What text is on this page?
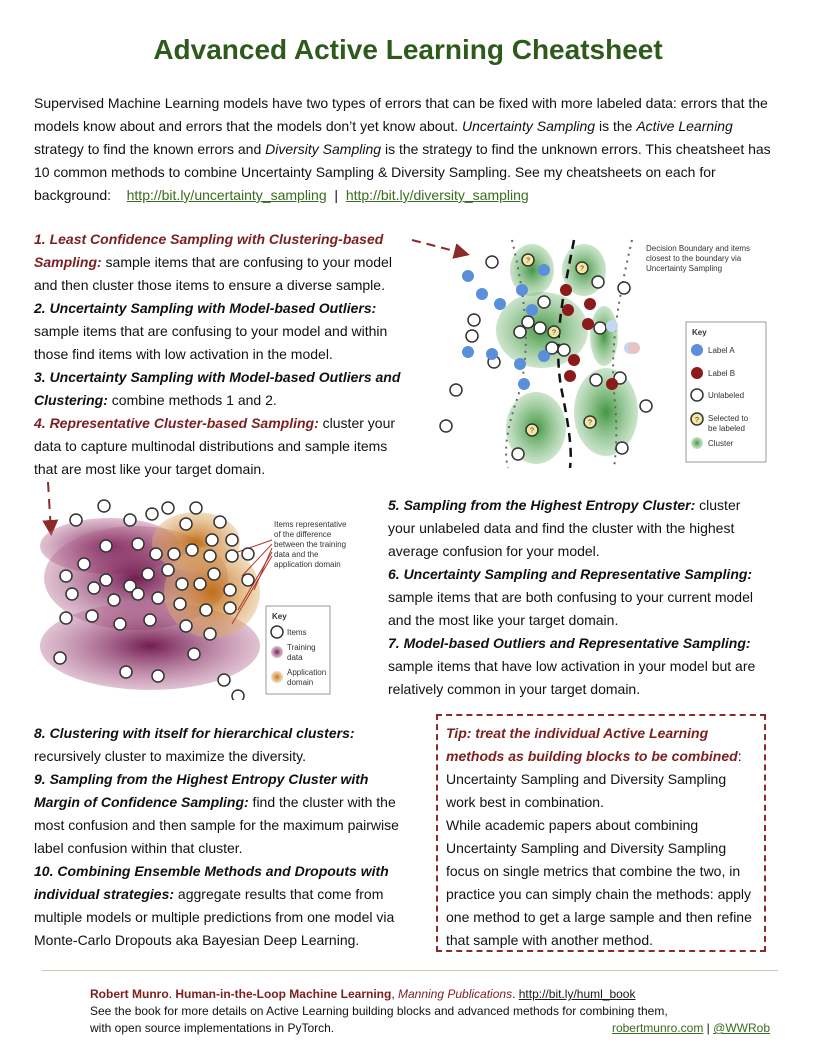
Advanced Active Learning Cheatsheet
Supervised Machine Learning models have two types of errors that can be fixed with more labeled data: errors that the models know about and errors that the models don’t yet know about. Uncertainty Sampling is the Active Learning strategy to find the known errors and Diversity Sampling is the strategy to find the unknown errors. This cheatsheet has 10 common methods to combine Uncertainty Sampling & Diversity Sampling. See my cheatsheets on each for background: http://bit.ly/uncertainty_sampling | http://bit.ly/diversity_sampling
1. Least Confidence Sampling with Clustering-based Sampling: sample items that are confusing to your model and then cluster those items to ensure a diverse sample.
2. Uncertainty Sampling with Model-based Outliers: sample items that are confusing to your model and within those find items with low activation in the model.
3. Uncertainty Sampling with Model-based Outliers and Clustering: combine methods 1 and 2.
4. Representative Cluster-based Sampling: cluster your data to capture multinodal distributions and sample items that are most like your target domain.
5. Sampling from the Highest Entropy Cluster: cluster your unlabeled data and find the cluster with the highest average confusion for your model.
6. Uncertainty Sampling and Representative Sampling: sample items that are both confusing to your current model and the most like your target domain.
7. Model-based Outliers and Representative Sampling: sample items that have low activation in your model but are relatively common in your target domain.
8. Clustering with itself for hierarchical clusters: recursively cluster to maximize the diversity.
9. Sampling from the Highest Entropy Cluster with Margin of Confidence Sampling: find the cluster with the most confusion and then sample for the maximum pairwise label confusion within that cluster.
10. Combining Ensemble Methods and Dropouts with individual strategies: aggregate results that come from multiple models or multiple predictions from one model via Monte-Carlo Dropouts aka Bayesian Deep Learning.
Tip: treat the individual Active Learning methods as building blocks to be combined: Uncertainty Sampling and Diversity Sampling work best in combination.
While academic papers about combining Uncertainty Sampling and Diversity Sampling focus on single metrics that combine the two, in practice you can simply chain the methods: apply one method to get a large sample and then refine that sample with another method.
?
?
?
?
?
Decision Boundary and items
closest to the boundary via
Uncertainty Sampling
Key
Label A
Label B
Unlabeled
? Selected to
be labeled
Cluster
Items representative
of the difference
between the training
data and the
application domain
Key
Items
Training
data
Application
domain
Robert Munro. Human-in-the-Loop Machine Learning, Manning Publications. http://bit.ly/huml_book
See the book for more details on Active Learning building blocks and advanced methods for combining them,
with open source implementations in PyTorch.	robertmunro.com | @WWRob
